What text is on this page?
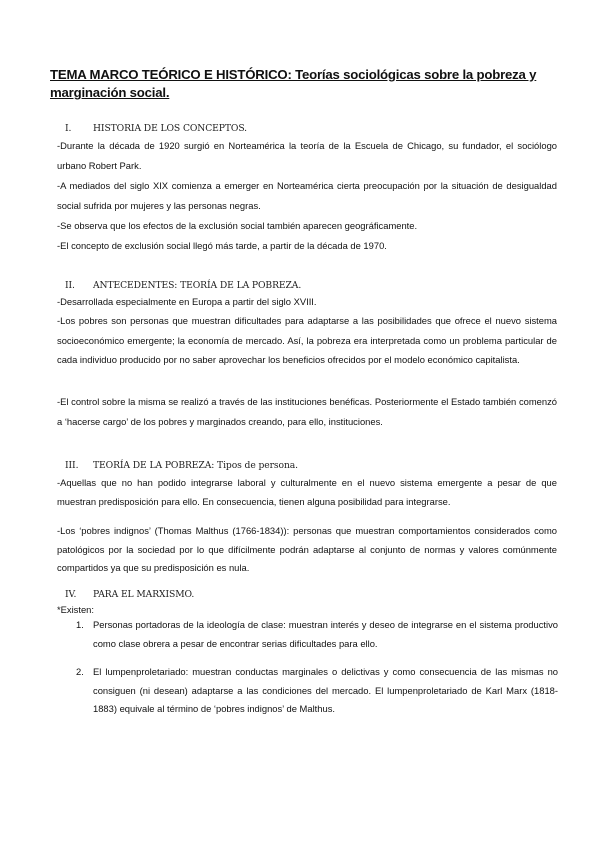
TEMA MARCO TEÓRICO E HISTÓRICO: Teorías sociológicas sobre la pobreza y marginación social.
I. HISTORIA DE LOS CONCEPTOS.
-Durante la década de 1920 surgió en Norteamérica la teoría de la Escuela de Chicago, su fundador, el sociólogo urbano Robert Park.
-A mediados del siglo XIX comienza a emerger en Norteamérica cierta preocupación por la situación de desigualdad social sufrida por mujeres y las personas negras.
-Se observa que los efectos de la exclusión social también aparecen geográficamente.
-El concepto de exclusión social llegó más tarde, a partir de la década de 1970.
II. ANTECEDENTES: TEORÍA DE LA POBREZA.
-Desarrollada especialmente en Europa a partir del siglo XVIII.
-Los pobres son personas que muestran dificultades para adaptarse a las posibilidades que ofrece el nuevo sistema socioeconómico emergente; la economía de mercado. Así, la pobreza era interpretada como un problema particular de cada individuo producido por no saber aprovechar los beneficios ofrecidos por el modelo económico capitalista.
-El control sobre la misma se realizó a través de las instituciones benéficas. Posteriormente el Estado también comenzó a ‘hacerse cargo’ de los pobres y marginados creando, para ello, instituciones.
III. TEORÍA DE LA POBREZA: Tipos de persona.
-Aquellas que no han podido integrarse laboral y culturalmente en el nuevo sistema emergente a pesar de que muestran predisposición para ello. En consecuencia, tienen alguna posibilidad para integrarse.
-Los ‘pobres indignos’ (Thomas Malthus (1766-1834)): personas que muestran comportamientos considerados como patológicos por la sociedad por lo que difícilmente podrán adaptarse al conjunto de normas y valores comúnmente compartidos ya que su predisposición es nula.
IV. PARA EL MARXISMO.
*Existen:
1. Personas portadoras de la ideología de clase: muestran interés y deseo de integrarse en el sistema productivo como clase obrera a pesar de encontrar serias dificultades para ello.
2. El lumpenproletariado: muestran conductas marginales o delictivas y como consecuencia de las mismas no consiguen (ni desean) adaptarse a las condiciones del mercado. El lumpenproletariado de Karl Marx (1818-1883) equivale al término de ‘pobres indignos’ de Malthus.
